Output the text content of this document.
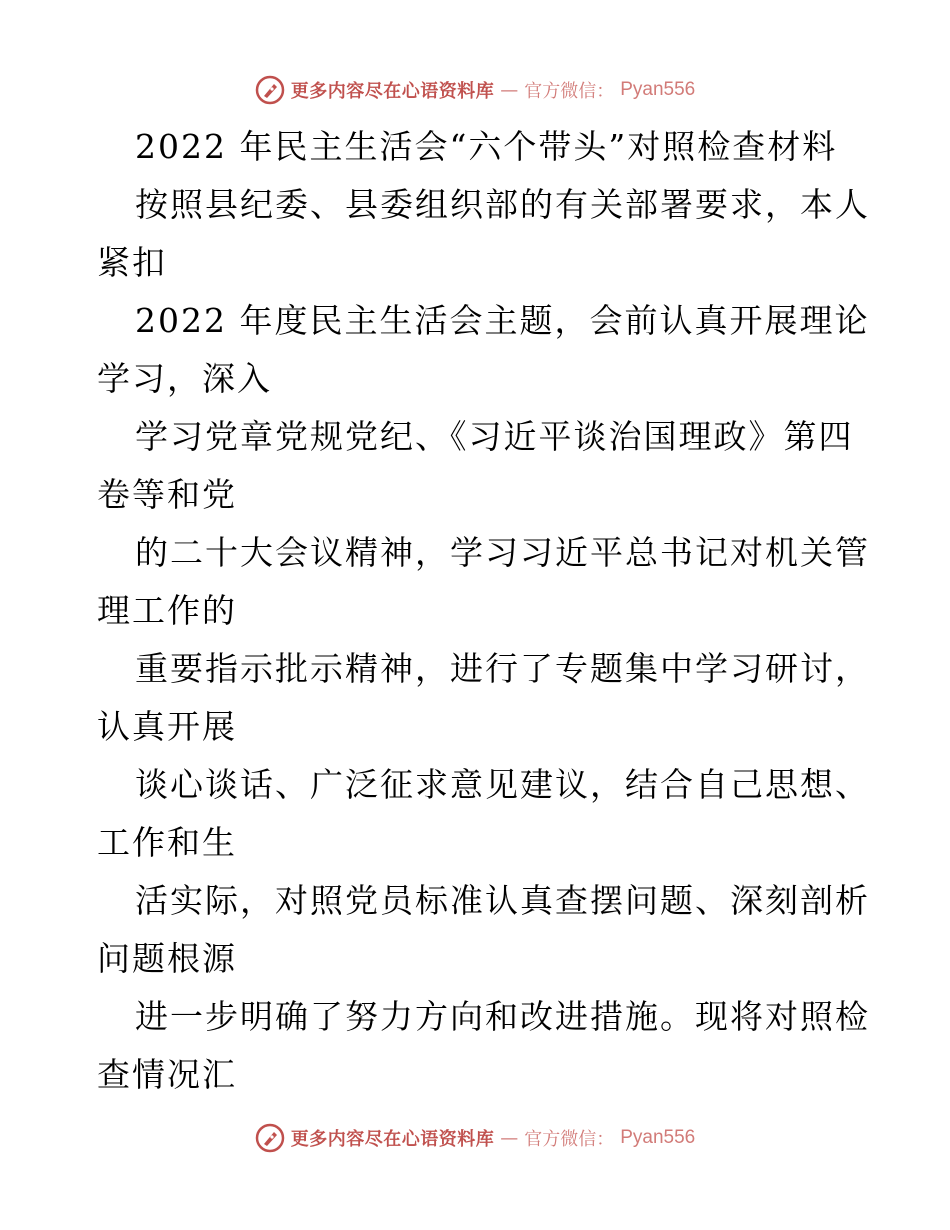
更多内容尽在心语资料库 — 官方微信： Pyan556
2022 年民主生活会“六个带头”对照检查材料
按照县纪委、县委组织部的有关部署要求，本人
紧扣
2022 年度民主生活会主题，会前认真开展理论
学习，深入
学习党章党规党纪、《习近平谈治国理政》第四
卷等和党
的二十大会议精神，学习习近平总书记对机关管
理工作的
重要指示批示精神，进行了专题集中学习研讨，
认真开展
谈心谈话、广泛征求意见建议，结合自己思想、
工作和生
活实际，对照党员标准认真查摆问题、深刻剖析
问题根源
进一步明确了努力方向和改进措施。现将对照检
查情况汇
更多内容尽在心语资料库 — 官方微信： Pyan556
